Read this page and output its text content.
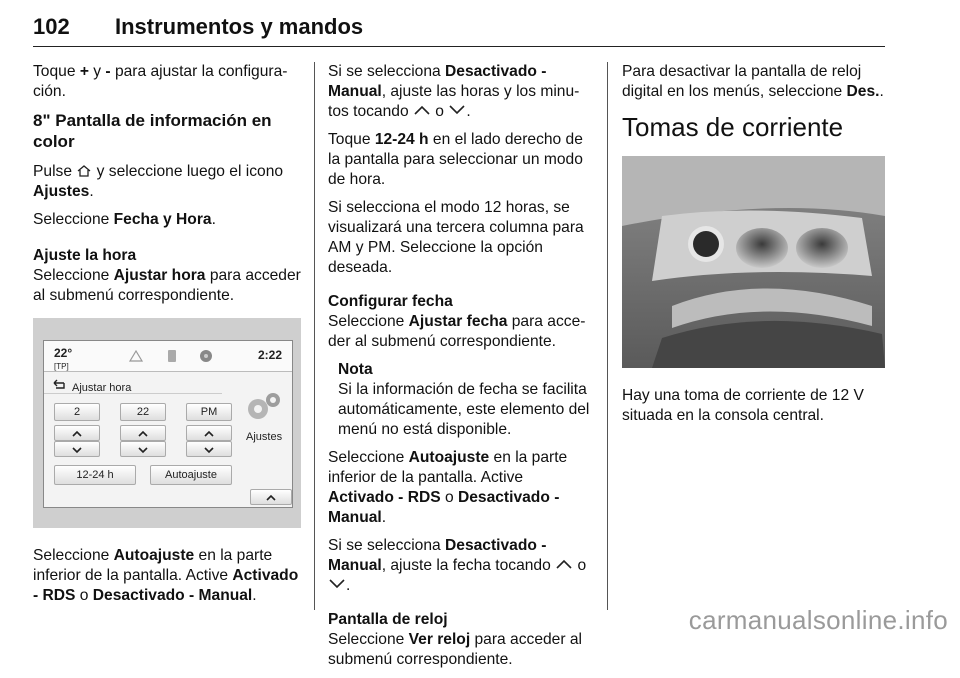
102 Instrumentos y mandos

Toque + y - para ajustar la configuración.

8" Pantalla de información en color

Pulse  y seleccione luego el icono Ajustes.

Seleccione Fecha y Hora.

Ajuste la hora

Seleccione Ajustar hora para acceder al submenú correspondiente.

22°
[TP]
2:22
Ajustar hora
2	22	PM
12-24 h	Autoajuste
Ajustes

Seleccione Autoajuste en la parte inferior de la pantalla. Active Activado - RDS o Desactivado - Manual.

Si se selecciona Desactivado - Manual, ajuste las horas y los minutos tocando  o .

Toque 12-24 h en el lado derecho de la pantalla para seleccionar un modo de hora.

Si selecciona el modo 12 horas, se visualizará una tercera columna para AM y PM. Seleccione la opción deseada.

Configurar fecha

Seleccione Ajustar fecha para acceder al submenú correspondiente.

Nota
Si la información de fecha se facilita automáticamente, este elemento del menú no está disponible.

Seleccione Autoajuste en la parte inferior de la pantalla. Active Activado - RDS o Desactivado - Manual.

Si se selecciona Desactivado - Manual, ajuste la fecha tocando  o .

Pantalla de reloj

Seleccione Ver reloj para acceder al submenú correspondiente.

Para desactivar la pantalla de reloj digital en los menús, seleccione Des..

Tomas de corriente

Hay una toma de corriente de 12 V situada en la consola central.

carmanualsonline.info
